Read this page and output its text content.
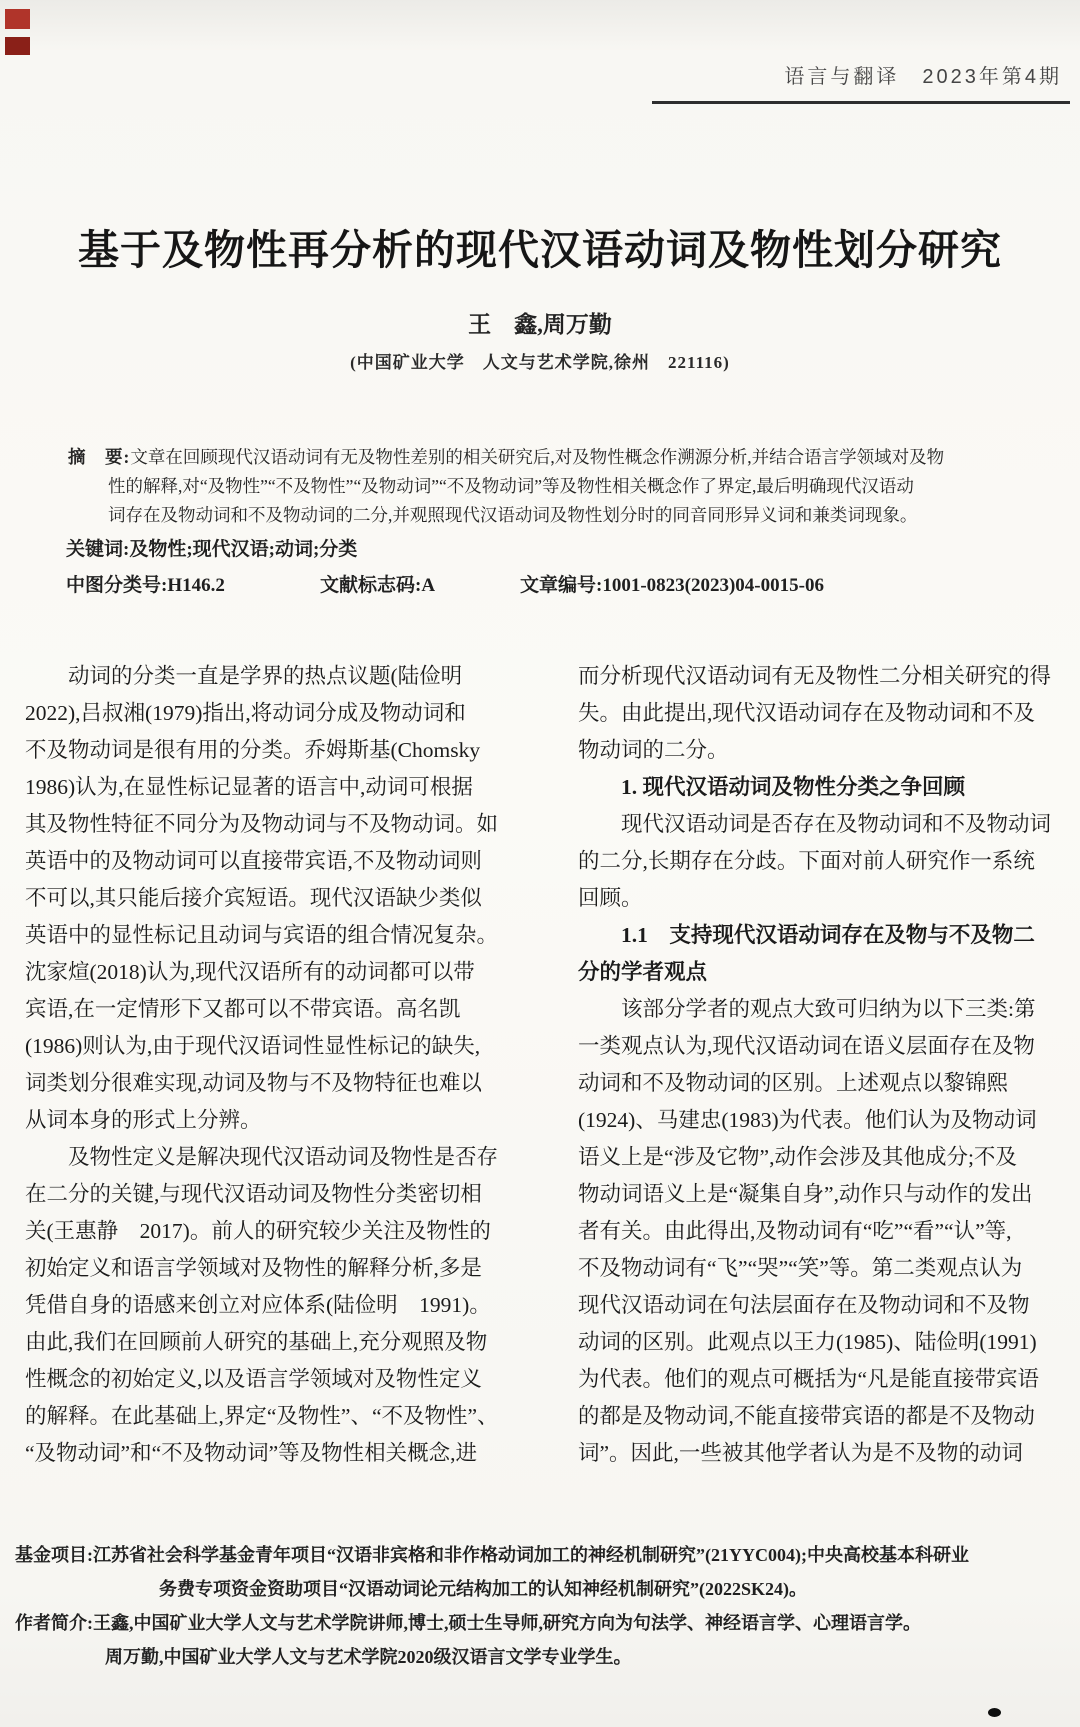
语言与翻译　2023年第4期
基于及物性再分析的现代汉语动词及物性划分研究
王　鑫,周万勤
(中国矿业大学　人文与艺术学院,徐州　221116)
摘　要:文章在回顾现代汉语动词有无及物性差别的相关研究后,对及物性概念作溯源分析,并结合语言学领域对及物
性的解释,对“及物性”“不及物性”“及物动词”“不及物动词”等及物性相关概念作了界定,最后明确现代汉语动
词存在及物动词和不及物动词的二分,并观照现代汉语动词及物性划分时的同音同形异义词和兼类词现象。
关键词:及物性;现代汉语;动词;分类
中图分类号:H146.2	文献标志码:A	文章编号:1001-0823(2023)04-0015-06
动词的分类一直是学界的热点议题(陆俭明
2022),吕叔湘(1979)指出,将动词分成及物动词和
不及物动词是很有用的分类。乔姆斯基(Chomsky
1986)认为,在显性标记显著的语言中,动词可根据
其及物性特征不同分为及物动词与不及物动词。如
英语中的及物动词可以直接带宾语,不及物动词则
不可以,其只能后接介宾短语。现代汉语缺少类似
英语中的显性标记且动词与宾语的组合情况复杂。
沈家煊(2018)认为,现代汉语所有的动词都可以带
宾语,在一定情形下又都可以不带宾语。高名凯
(1986)则认为,由于现代汉语词性显性标记的缺失,
词类划分很难实现,动词及物与不及物特征也难以
从词本身的形式上分辨。
及物性定义是解决现代汉语动词及物性是否存
在二分的关键,与现代汉语动词及物性分类密切相
关(王惠静　2017)。前人的研究较少关注及物性的
初始定义和语言学领域对及物性的解释分析,多是
凭借自身的语感来创立对应体系(陆俭明　1991)。
由此,我们在回顾前人研究的基础上,充分观照及物
性概念的初始定义,以及语言学领域对及物性定义
的解释。在此基础上,界定“及物性”、“不及物性”、
“及物动词”和“不及物动词”等及物性相关概念,进
而分析现代汉语动词有无及物性二分相关研究的得
失。由此提出,现代汉语动词存在及物动词和不及
物动词的二分。
1. 现代汉语动词及物性分类之争回顾
现代汉语动词是否存在及物动词和不及物动词
的二分,长期存在分歧。下面对前人研究作一系统
回顾。
1.1　支持现代汉语动词存在及物与不及物二
分的学者观点
该部分学者的观点大致可归纳为以下三类:第
一类观点认为,现代汉语动词在语义层面存在及物
动词和不及物动词的区别。上述观点以黎锦熙
(1924)、马建忠(1983)为代表。他们认为及物动词
语义上是“涉及它物”,动作会涉及其他成分;不及
物动词语义上是“凝集自身”,动作只与动作的发出
者有关。由此得出,及物动词有“吃”“看”“认”等,
不及物动词有“飞”“哭”“笑”等。第二类观点认为
现代汉语动词在句法层面存在及物动词和不及物
动词的区别。此观点以王力(1985)、陆俭明(1991)
为代表。他们的观点可概括为“凡是能直接带宾语
的都是及物动词,不能直接带宾语的都是不及物动
词”。因此,一些被其他学者认为是不及物的动词
基金项目:江苏省社会科学基金青年项目“汉语非宾格和非作格动词加工的神经机制研究”(21YYC004);中央高校基本科研业
务费专项资金资助项目“汉语动词论元结构加工的认知神经机制研究”(2022SK24)。
作者简介:王鑫,中国矿业大学人文与艺术学院讲师,博士,硕士生导师,研究方向为句法学、神经语言学、心理语言学。
周万勤,中国矿业大学人文与艺术学院2020级汉语言文学专业学生。
